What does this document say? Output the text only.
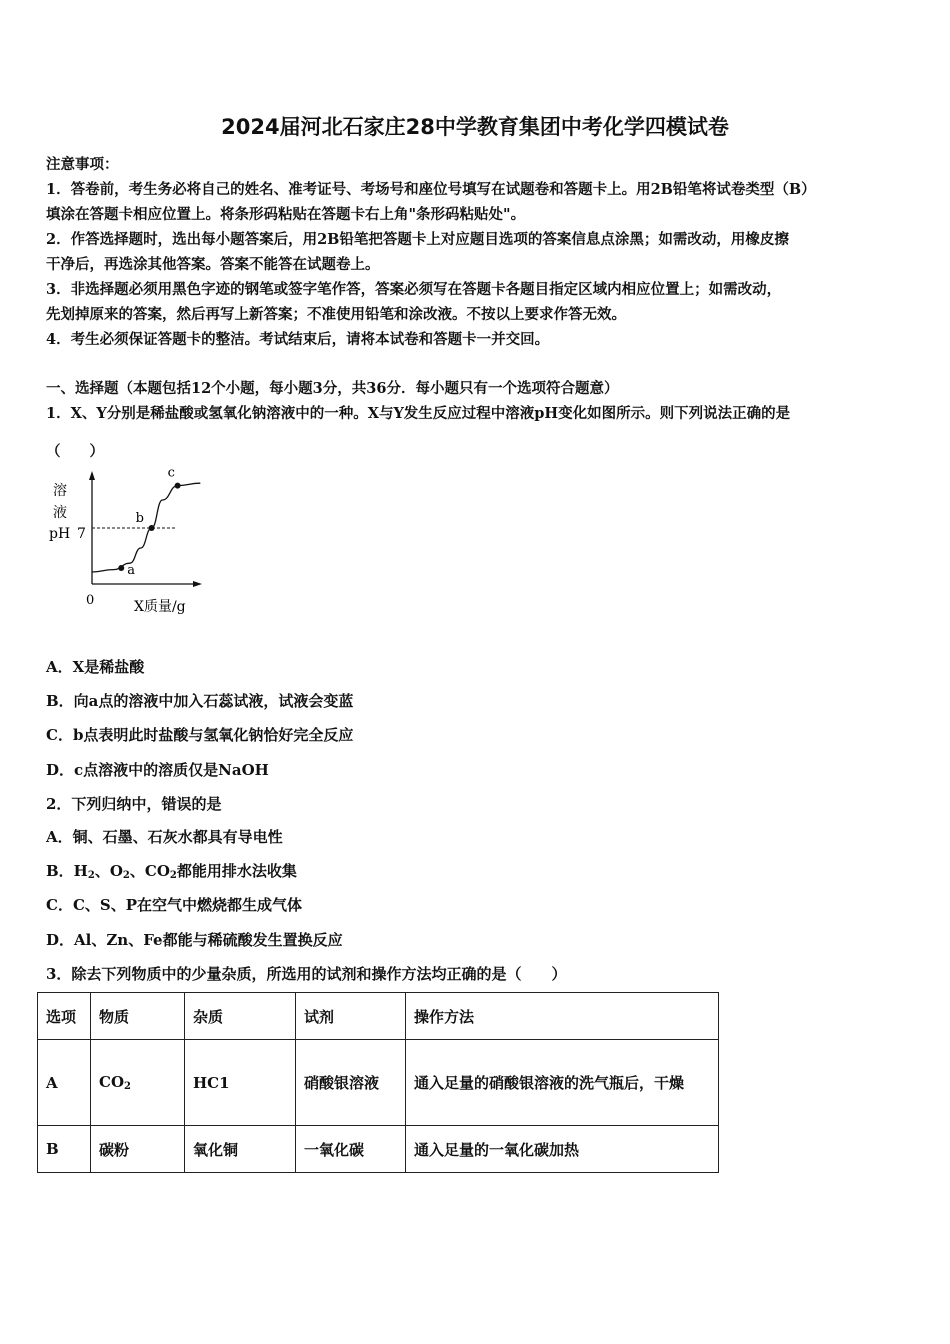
2024届河北石家庄28中学教育集团中考化学四模试卷
注意事项：
1．答卷前，考生务必将自己的姓名、准考证号、考场号和座位号填写在试题卷和答题卡上。用2B铅笔将试卷类型（B）
填涂在答题卡相应位置上。将条形码粘贴在答题卡右上角"条形码粘贴处"。
2．作答选择题时，选出每小题答案后，用2B铅笔把答题卡上对应题目选项的答案信息点涂黑；如需改动，用橡皮擦
干净后，再选涂其他答案。答案不能答在试题卷上。
3．非选择题必须用黑色字迹的钢笔或签字笔作答，答案必须写在答题卡各题目指定区域内相应位置上；如需改动，
先划掉原来的答案，然后再写上新答案；不准使用铅笔和涂改液。不按以上要求作答无效。
4．考生必须保证答题卡的整洁。考试结束后，请将本试卷和答题卡一并交回。
一、选择题（本题包括12个小题，每小题3分，共36分．每小题只有一个选项符合题意）
1．X、Y分别是稀盐酸或氢氧化钠溶液中的一种。X与Y发生反应过程中溶液pH变化如图所示。则下列说法正确的是
（　　）
溶
液
pH 7
0	X质量/g
a
b
c
A．X是稀盐酸
B．向a点的溶液中加入石蕊试液，试液会变蓝
C．b点表明此时盐酸与氢氧化钠恰好完全反应
D．c点溶液中的溶质仅是NaOH
2．下列归纳中，错误的是
A．铜、石墨、石灰水都具有导电性
B．$H_2$、$O_2$、$CO_2$都能用排水法收集
C．C、S、P在空气中燃烧都生成气体
D．Al、Zn、Fe都能与稀硫酸发生置换反应
3．除去下列物质中的少量杂质，所选用的试剂和操作方法均正确的是（　　）
选项	物质	杂质	试剂	操作方法
A	$CO_2$	HC1	硝酸银溶液	通入足量的硝酸银溶液的洗气瓶后，干燥
B	碳粉	氧化铜	一氧化碳	通入足量的一氧化碳加热
